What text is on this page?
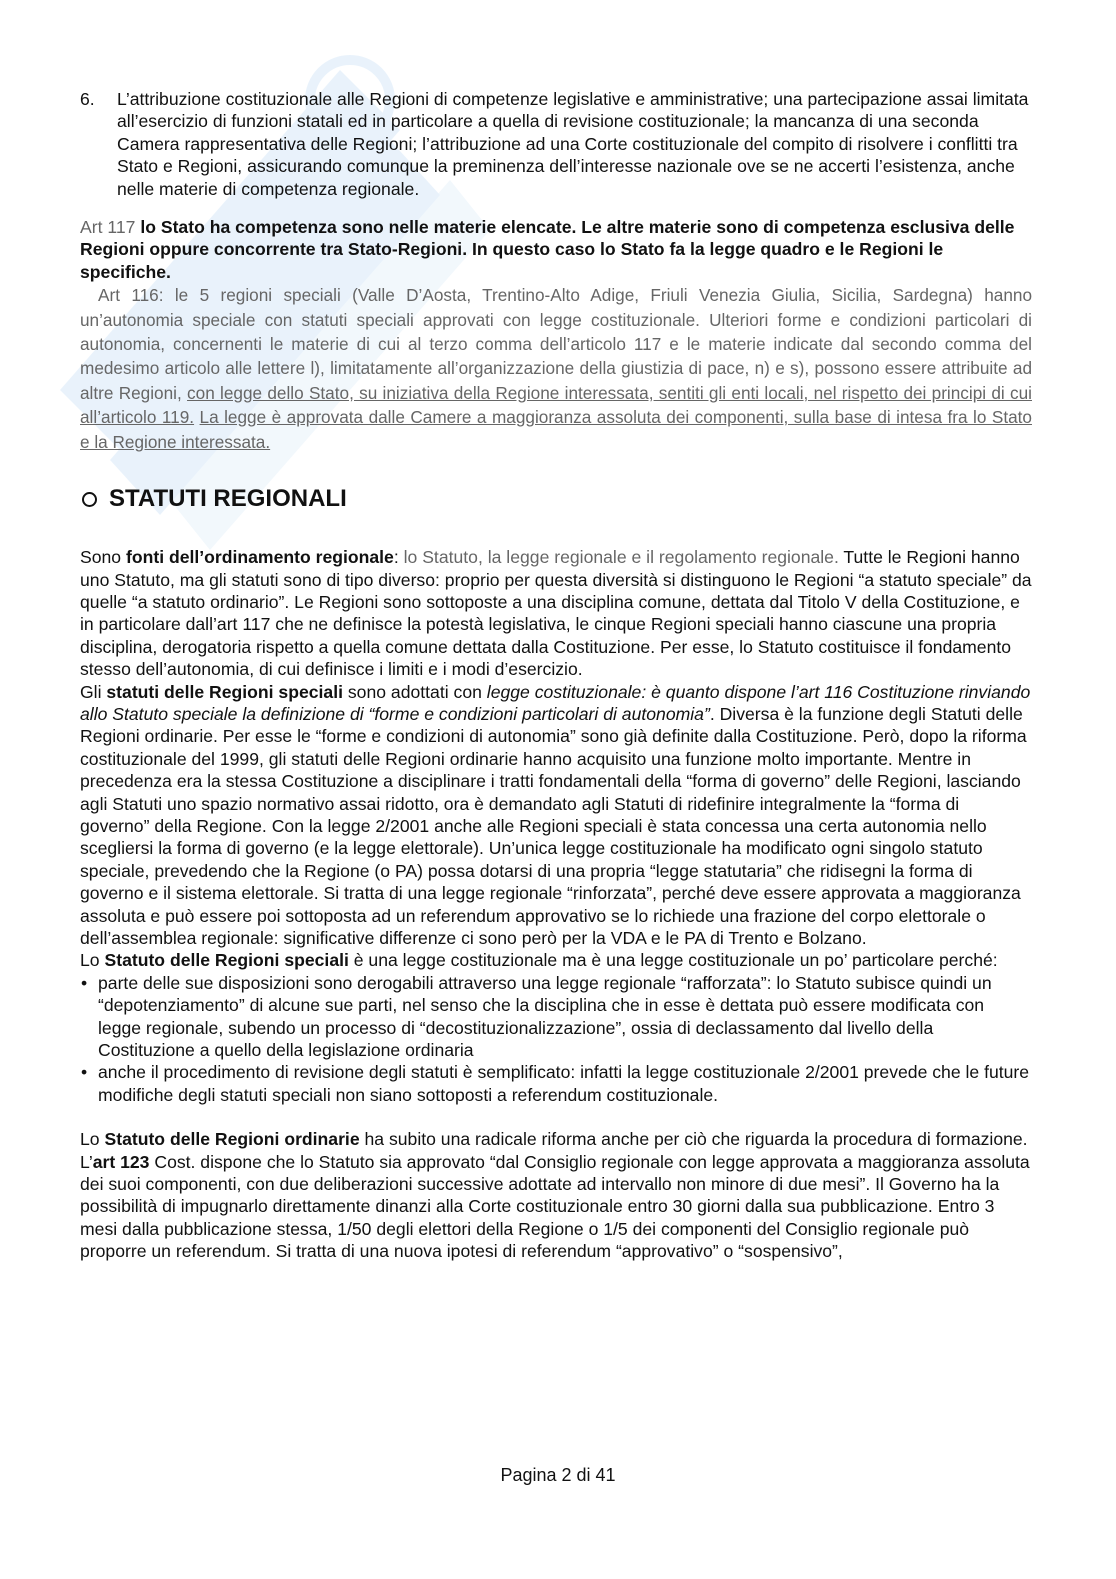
6. L’attribuzione costituzionale alle Regioni di competenze legislative e amministrative; una partecipazione assai limitata all’esercizio di funzioni statali ed in particolare a quella di revisione costituzionale; la mancanza di una seconda Camera rappresentativa delle Regioni; l’attribuzione ad una Corte costituzionale del compito di risolvere i conflitti tra Stato e Regioni, assicurando comunque la preminenza dell’interesse nazionale ove se ne accerti l’esistenza, anche nelle materie di competenza regionale.

Art 117 lo Stato ha competenza sono nelle materie elencate. Le altre materie sono di competenza esclusiva delle Regioni oppure concorrente tra Stato-Regioni. In questo caso lo Stato fa la legge quadro e le Regioni le specifiche.

Art 116: le 5 regioni speciali (Valle D’Aosta, Trentino-Alto Adige, Friuli Venezia Giulia, Sicilia, Sardegna) hanno un’autonomia speciale con statuti speciali approvati con legge costituzionale. Ulteriori forme e condizioni particolari di autonomia, concernenti le materie di cui al terzo comma dell’articolo 117 e le materie indicate dal secondo comma del medesimo articolo alle lettere l), limitatamente all’organizzazione della giustizia di pace, n) e s), possono essere attribuite ad altre Regioni, con legge dello Stato, su iniziativa della Regione interessata, sentiti gli enti locali, nel rispetto dei principi di cui all’articolo 119. La legge è approvata dalle Camere a maggioranza assoluta dei componenti, sulla base di intesa fra lo Stato e la Regione interessata.

STATUTI REGIONALI

Sono fonti dell’ordinamento regionale: lo Statuto, la legge regionale e il regolamento regionale. Tutte le Regioni hanno uno Statuto, ma gli statuti sono di tipo diverso: proprio per questa diversità si distinguono le Regioni “a statuto speciale” da quelle “a statuto ordinario”. Le Regioni sono sottoposte a una disciplina comune, dettata dal Titolo V della Costituzione, e in particolare dall’art 117 che ne definisce la potestà legislativa, le cinque Regioni speciali hanno ciascune una propria disciplina, derogatoria rispetto a quella comune dettata dalla Costituzione. Per esse, lo Statuto costituisce il fondamento stesso dell’autonomia, di cui definisce i limiti e i modi d’esercizio.

Gli statuti delle Regioni speciali sono adottati con legge costituzionale: è quanto dispone l’art 116 Costituzione rinviando allo Statuto speciale la definizione di “forme e condizioni particolari di autonomia”. Diversa è la funzione degli Statuti delle Regioni ordinarie. Per esse le “forme e condizioni di autonomia” sono già definite dalla Costituzione. Però, dopo la riforma costituzionale del 1999, gli statuti delle Regioni ordinarie hanno acquisito una funzione molto importante. Mentre in precedenza era la stessa Costituzione a disciplinare i tratti fondamentali della “forma di governo” delle Regioni, lasciando agli Statuti uno spazio normativo assai ridotto, ora è demandato agli Statuti di ridefinire integralmente la “forma di governo” della Regione. Con la legge 2/2001 anche alle Regioni speciali è stata concessa una certa autonomia nello scegliersi la forma di governo (e la legge elettorale). Un’unica legge costituzionale ha modificato ogni singolo statuto speciale, prevedendo che la Regione (o PA) possa dotarsi di una propria “legge statutaria” che ridisegni la forma di governo e il sistema elettorale. Si tratta di una legge regionale “rinforzata”, perché deve essere approvata a maggioranza assoluta e può essere poi sottoposta ad un referendum approvativo se lo richiede una frazione del corpo elettorale o dell’assemblea regionale: significative differenze ci sono però per la VDA e le PA di Trento e Bolzano.

Lo Statuto delle Regioni speciali è una legge costituzionale ma è una legge costituzionale un po’ particolare perché:

• parte delle sue disposizioni sono derogabili attraverso una legge regionale “rafforzata”: lo Statuto subisce quindi un “depotenziamento” di alcune sue parti, nel senso che la disciplina che in esse è dettata può essere modificata con legge regionale, subendo un processo di “decostituzionalizzazione”, ossia di declassamento dal livello della Costituzione a quello della legislazione ordinaria
• anche il procedimento di revisione degli statuti è semplificato: infatti la legge costituzionale 2/2001 prevede che le future modifiche degli statuti speciali non siano sottoposti a referendum costituzionale.

Lo Statuto delle Regioni ordinarie ha subito una radicale riforma anche per ciò che riguarda la procedura di formazione. L’art 123 Cost. dispone che lo Statuto sia approvato “dal Consiglio regionale con legge approvata a maggioranza assoluta dei suoi componenti, con due deliberazioni successive adottate ad intervallo non minore di due mesi”. Il Governo ha la possibilità di impugnarlo direttamente dinanzi alla Corte costituzionale entro 30 giorni dalla sua pubblicazione. Entro 3 mesi dalla pubblicazione stessa, 1/50 degli elettori della Regione o 1/5 dei componenti del Consiglio regionale può proporre un referendum. Si tratta di una nuova ipotesi di referendum “approvativo” o “sospensivo”,

Pagina 2 di 41
